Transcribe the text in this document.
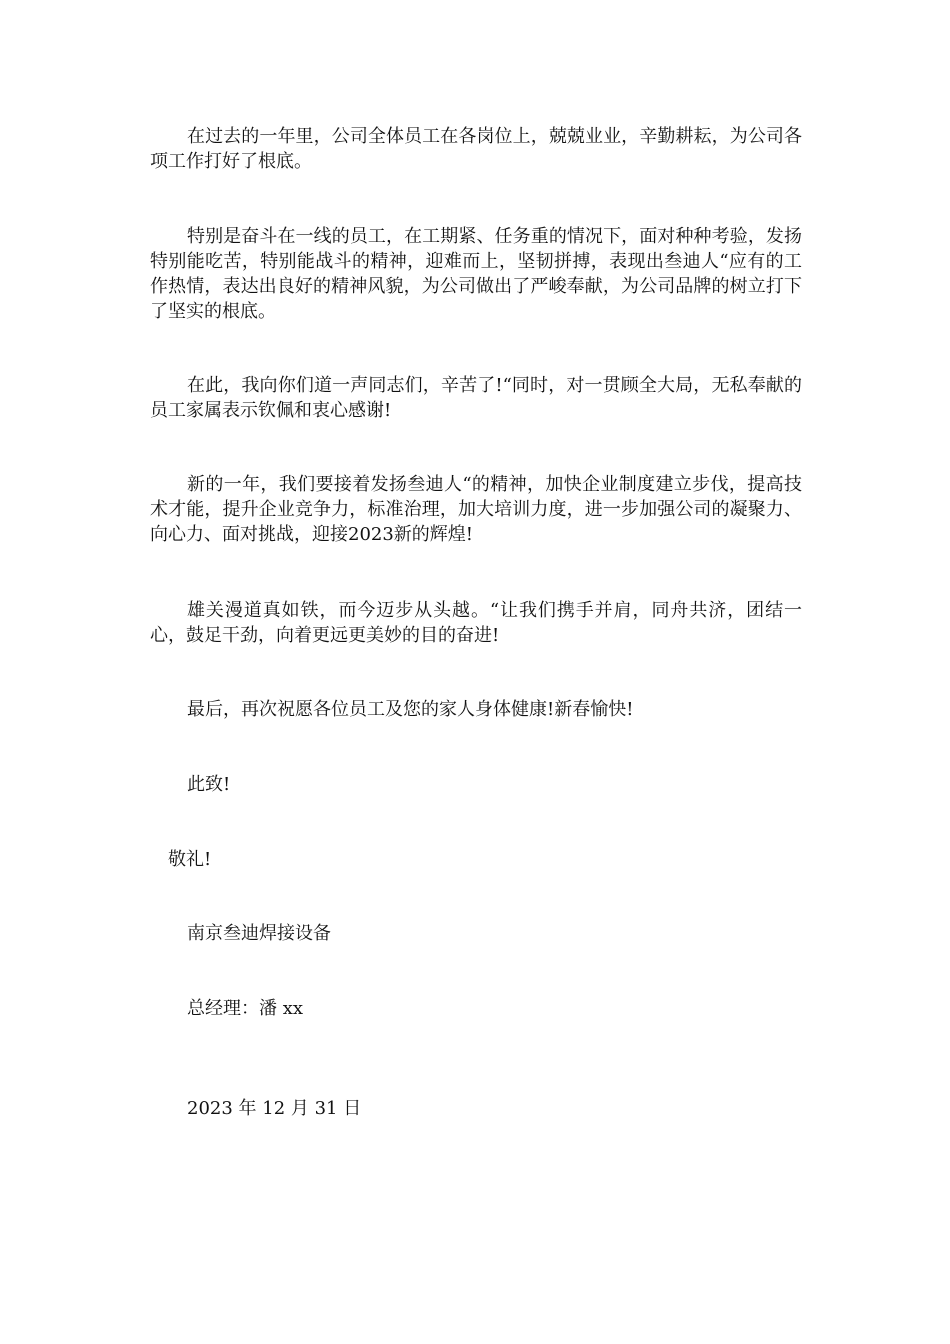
在过去的一年里，公司全体员工在各岗位上，兢兢业业，辛勤耕耘，为公司各项工作打好了根底。

特别是奋斗在一线的员工，在工期紧、任务重的情况下，面对种种考验，发扬特别能吃苦，特别能战斗的精神，迎难而上，坚韧拼搏，表现出叁迪人“应有的工作热情，表达出良好的精神风貌，为公司做出了严峻奉献，为公司品牌的树立打下了坚实的根底。

在此，我向你们道一声同志们，辛苦了!“同时，对一贯顾全大局，无私奉献的员工家属表示钦佩和衷心感谢!

新的一年，我们要接着发扬叁迪人“的精神，加快企业制度建立步伐，提高技术才能，提升企业竞争力，标准治理，加大培训力度，进一步加强公司的凝聚力、向心力、面对挑战，迎接2023新的辉煌!

雄关漫道真如铁，而今迈步从头越。“让我们携手并肩，同舟共济，团结一心，鼓足干劲，向着更远更美妙的目的奋进!

最后，再次祝愿各位员工及您的家人身体健康!新春愉快!

此致!

敬礼!

南京叁迪焊接设备

总经理：潘 xx

2023 年 12 月 31 日
